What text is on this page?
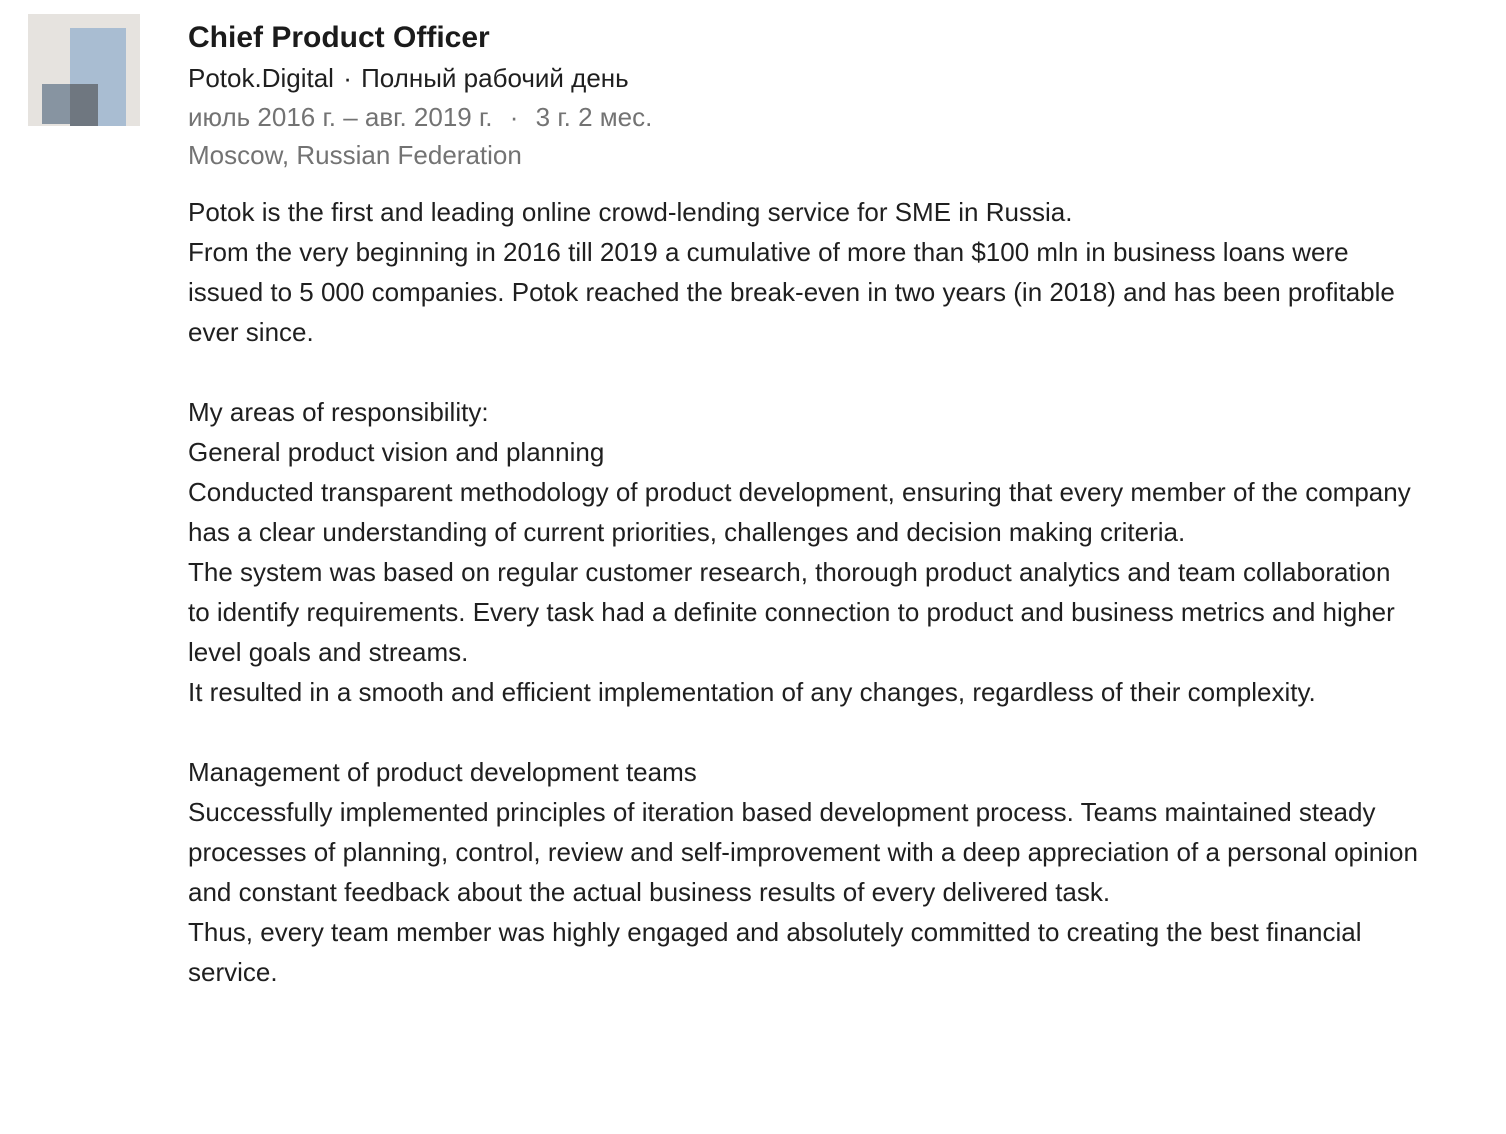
Chief Product Officer
Potok.Digital · Полный рабочий день
июль 2016 г. – авг. 2019 г. · 3 г. 2 мес.
Moscow, Russian Federation

Potok is the first and leading online crowd-lending service for SME in Russia.

From the very beginning in 2016 till 2019 a cumulative of more than $100 mln in business loans were issued to 5 000 companies. Potok reached the break-even in two years (in 2018) and has been profitable ever since.

My areas of responsibility:

General product vision and planning

Conducted transparent methodology of product development, ensuring that every member of the company has a clear understanding of current priorities, challenges and decision making criteria.

The system was based on regular customer research, thorough product analytics and team collaboration to identify requirements. Every task had a definite connection to product and business metrics and higher level goals and streams.

It resulted in a smooth and efficient implementation of any changes, regardless of their complexity.

Management of product development teams

Successfully implemented principles of iteration based development process. Teams maintained steady processes of planning, control, review and self-improvement with a deep appreciation of a personal opinion and constant feedback about the actual business results of every delivered task.

Thus, every team member was highly engaged and absolutely committed to creating the best financial service.
